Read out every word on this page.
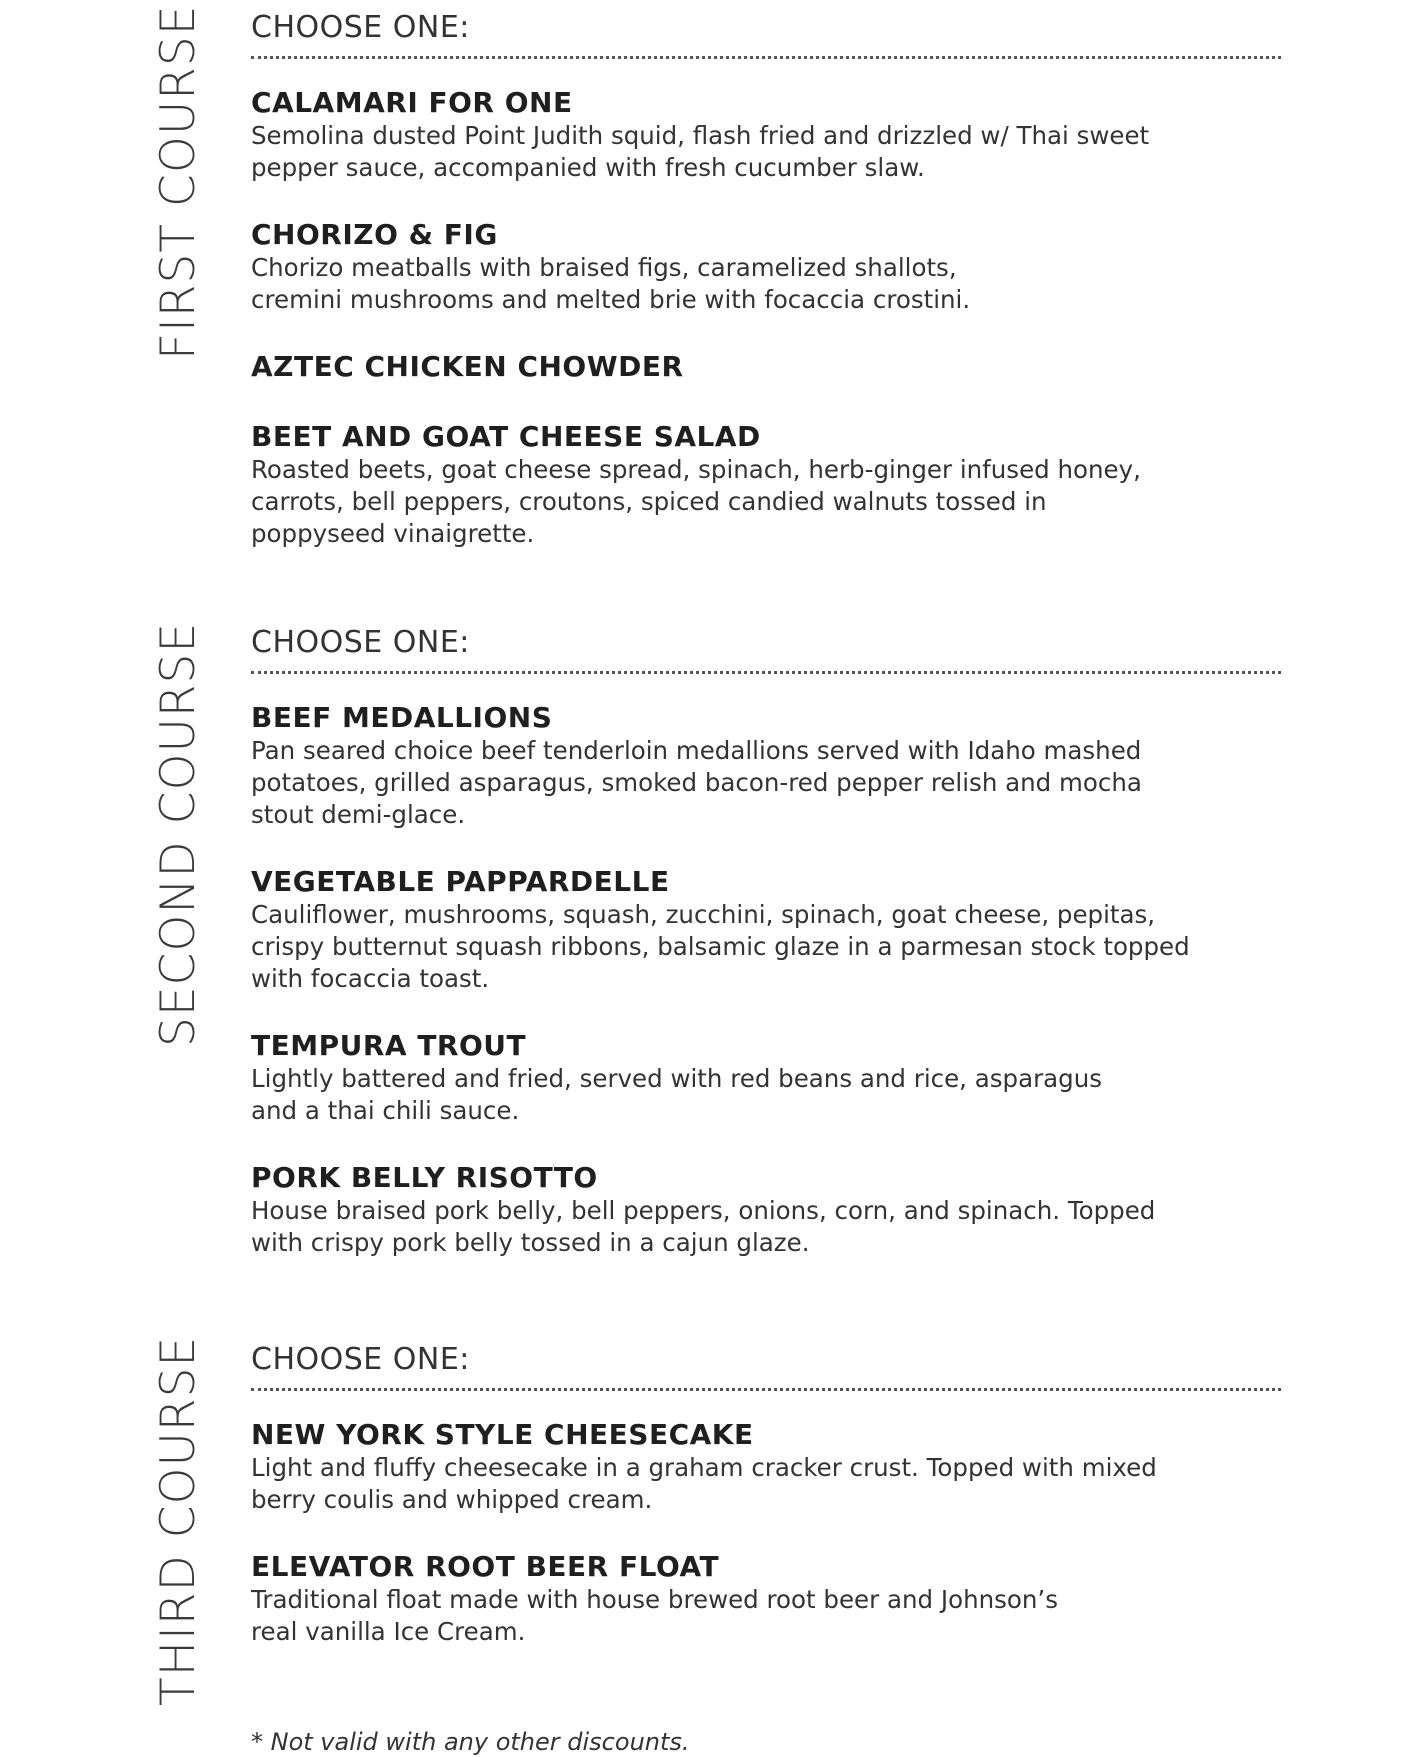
FIRST COURSE
SECOND COURSE
THIRD COURSE

CHOOSE ONE:

CALAMARI FOR ONE

Semolina dusted Point Judith squid, flash fried and drizzled w/ Thai sweet
pepper sauce, accompanied with fresh cucumber slaw.

CHORIZO & FIG

Chorizo meatballs with braised figs, caramelized shallots,
cremini mushrooms and melted brie with focaccia crostini.

AZTEC CHICKEN CHOWDER

BEET AND GOAT CHEESE SALAD

Roasted beets, goat cheese spread, spinach, herb-ginger infused honey,
carrots, bell peppers, croutons, spiced candied walnuts tossed in
poppyseed vinaigrette.

CHOOSE ONE:

BEEF MEDALLIONS

Pan seared choice beef tenderloin medallions served with Idaho mashed
potatoes, grilled asparagus, smoked bacon-red pepper relish and mocha
stout demi-glace.

VEGETABLE PAPPARDELLE

Cauliflower, mushrooms, squash, zucchini, spinach, goat cheese, pepitas,
crispy butternut squash ribbons, balsamic glaze in a parmesan stock topped
with focaccia toast.

TEMPURA TROUT

Lightly battered and fried, served with red beans and rice, asparagus
and a thai chili sauce.

PORK BELLY RISOTTO

House braised pork belly, bell peppers, onions, corn, and spinach. Topped
with crispy pork belly tossed in a cajun glaze.

CHOOSE ONE:

NEW YORK STYLE CHEESECAKE

Light and fluffy cheesecake in a graham cracker crust. Topped with mixed
berry coulis and whipped cream.

ELEVATOR ROOT BEER FLOAT

Traditional float made with house brewed root beer and Johnson’s
real vanilla Ice Cream.

* Not valid with any other discounts.
